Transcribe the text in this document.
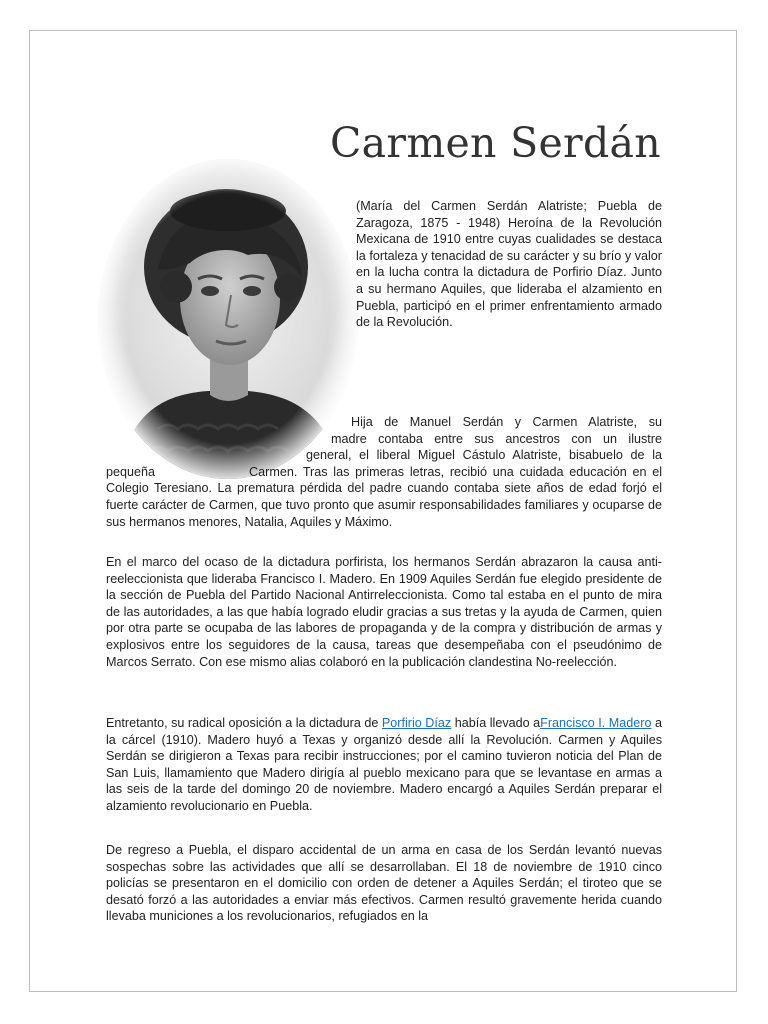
Carmen Serdán

(María del Carmen Serdán Alatriste; Puebla de Zaragoza, 1875 - 1948) Heroína de la Revolución Mexicana de 1910 entre cuyas cualidades se destaca la fortaleza y tenacidad de su carácter y su brío y valor en la lucha contra la dictadura de Porfirio Díaz. Junto a su hermano Aquiles, que lideraba el alzamiento en Puebla, participó en el primer enfrentamiento armado de la Revolución.

Hija de Manuel Serdán y Carmen Alatriste, su
madre contaba entre sus ancestros con un ilustre
general, el liberal Miguel Cástulo Alatriste, bisabuelo de la
pequeña	Carmen. Tras las primeras letras, recibió una cuidada educación en el Colegio Teresiano. La prematura pérdida del padre cuando contaba siete años de edad forjó el fuerte carácter de Carmen, que tuvo pronto que asumir responsabilidades familiares y ocuparse de sus hermanos menores, Natalia, Aquiles y Máximo.

En el marco del ocaso de la dictadura porfirista, los hermanos Serdán abrazaron la causa anti-reeleccionista que lideraba Francisco I. Madero. En 1909 Aquiles Serdán fue elegido presidente de la sección de Puebla del Partido Nacional Antirreleccionista. Como tal estaba en el punto de mira de las autoridades, a las que había logrado eludir gracias a sus tretas y la ayuda de Carmen, quien por otra parte se ocupaba de las labores de propaganda y de la compra y distribución de armas y explosivos entre los seguidores de la causa, tareas que desempeñaba con el pseudónimo de Marcos Serrato. Con ese mismo alias colaboró en la publicación clandestina No-reelección.

Entretanto, su radical oposición a la dictadura de Porfirio Díaz había llevado aFrancisco I. Madero a la cárcel (1910). Madero huyó a Texas y organizó desde allí la Revolución. Carmen y Aquiles Serdán se dirigieron a Texas para recibir instrucciones; por el camino tuvieron noticia del Plan de San Luis, llamamiento que Madero dirigía al pueblo mexicano para que se levantase en armas a las seis de la tarde del domingo 20 de noviembre. Madero encargó a Aquiles Serdán preparar el alzamiento revolucionario en Puebla.

De regreso a Puebla, el disparo accidental de un arma en casa de los Serdán levantó nuevas sospechas sobre las actividades que allí se desarrollaban. El 18 de noviembre de 1910 cinco policías se presentaron en el domicilio con orden de detener a Aquiles Serdán; el tiroteo que se desató forzó a las autoridades a enviar más efectivos. Carmen resultó gravemente herida cuando llevaba municiones a los revolucionarios, refugiados en la
